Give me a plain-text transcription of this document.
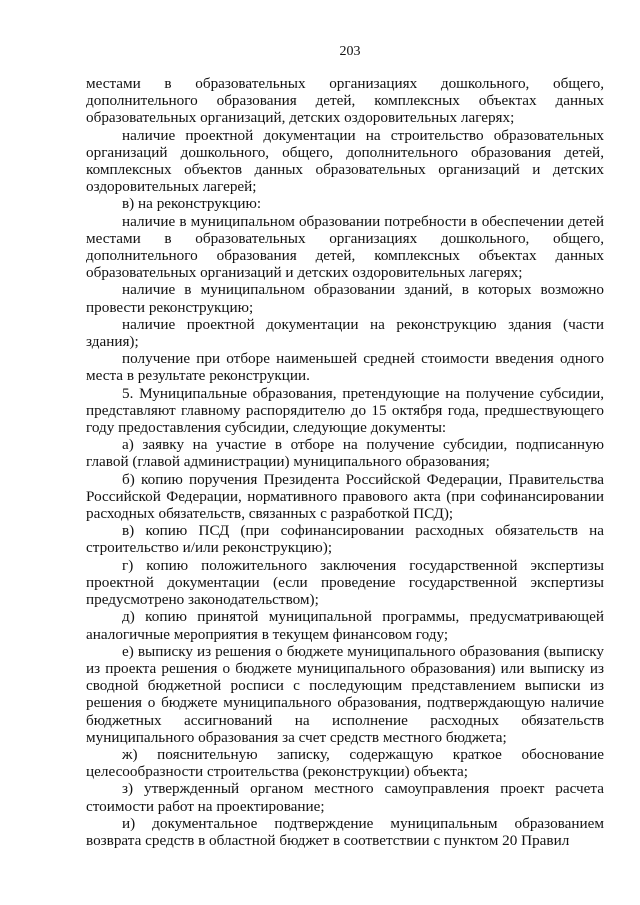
203

местами в образовательных организациях дошкольного, общего, дополнительного образования детей, комплексных объектах данных образовательных организаций, детских оздоровительных лагерях;

наличие проектной документации на строительство образовательных организаций дошкольного, общего, дополнительного образования детей, комплексных объектов данных образовательных организаций и детских оздоровительных лагерей;

в) на реконструкцию:

наличие в муниципальном образовании потребности в обеспечении детей местами в образовательных организациях дошкольного, общего, дополнительного образования детей, комплексных объектах данных образовательных организаций и детских оздоровительных лагерях;

наличие в муниципальном образовании зданий, в которых возможно провести реконструкцию;

наличие проектной документации на реконструкцию здания (части здания);

получение при отборе наименьшей средней стоимости введения одного места в результате реконструкции.

5. Муниципальные образования, претендующие на получение субсидии, представляют главному распорядителю до 15 октября года, предшествующего году предоставления субсидии, следующие документы:

а) заявку на участие в отборе на получение субсидии, подписанную главой (главой администрации) муниципального образования;

б) копию поручения Президента Российской Федерации, Правительства Российской Федерации, нормативного правового акта (при софинансировании расходных обязательств, связанных с разработкой ПСД);

в) копию ПСД (при софинансировании расходных обязательств на строительство и/или реконструкцию);

г) копию положительного заключения государственной экспертизы проектной документации (если проведение государственной экспертизы предусмотрено законодательством);

д) копию принятой муниципальной программы, предусматривающей аналогичные мероприятия в текущем финансовом году;

е) выписку из решения о бюджете муниципального образования (выписку из проекта решения о бюджете муниципального образования) или выписку из сводной бюджетной росписи с последующим представлением выписки из решения о бюджете муниципального образования, подтверждающую наличие бюджетных ассигнований на исполнение расходных обязательств муниципального образования за счет средств местного бюджета;

ж) пояснительную записку, содержащую краткое обоснование целесообразности строительства (реконструкции) объекта;

з) утвержденный органом местного самоуправления проект расчета стоимости работ на проектирование;

и) документальное подтверждение муниципальным образованием возврата средств в областной бюджет в соответствии с пунктом 20 Правил
